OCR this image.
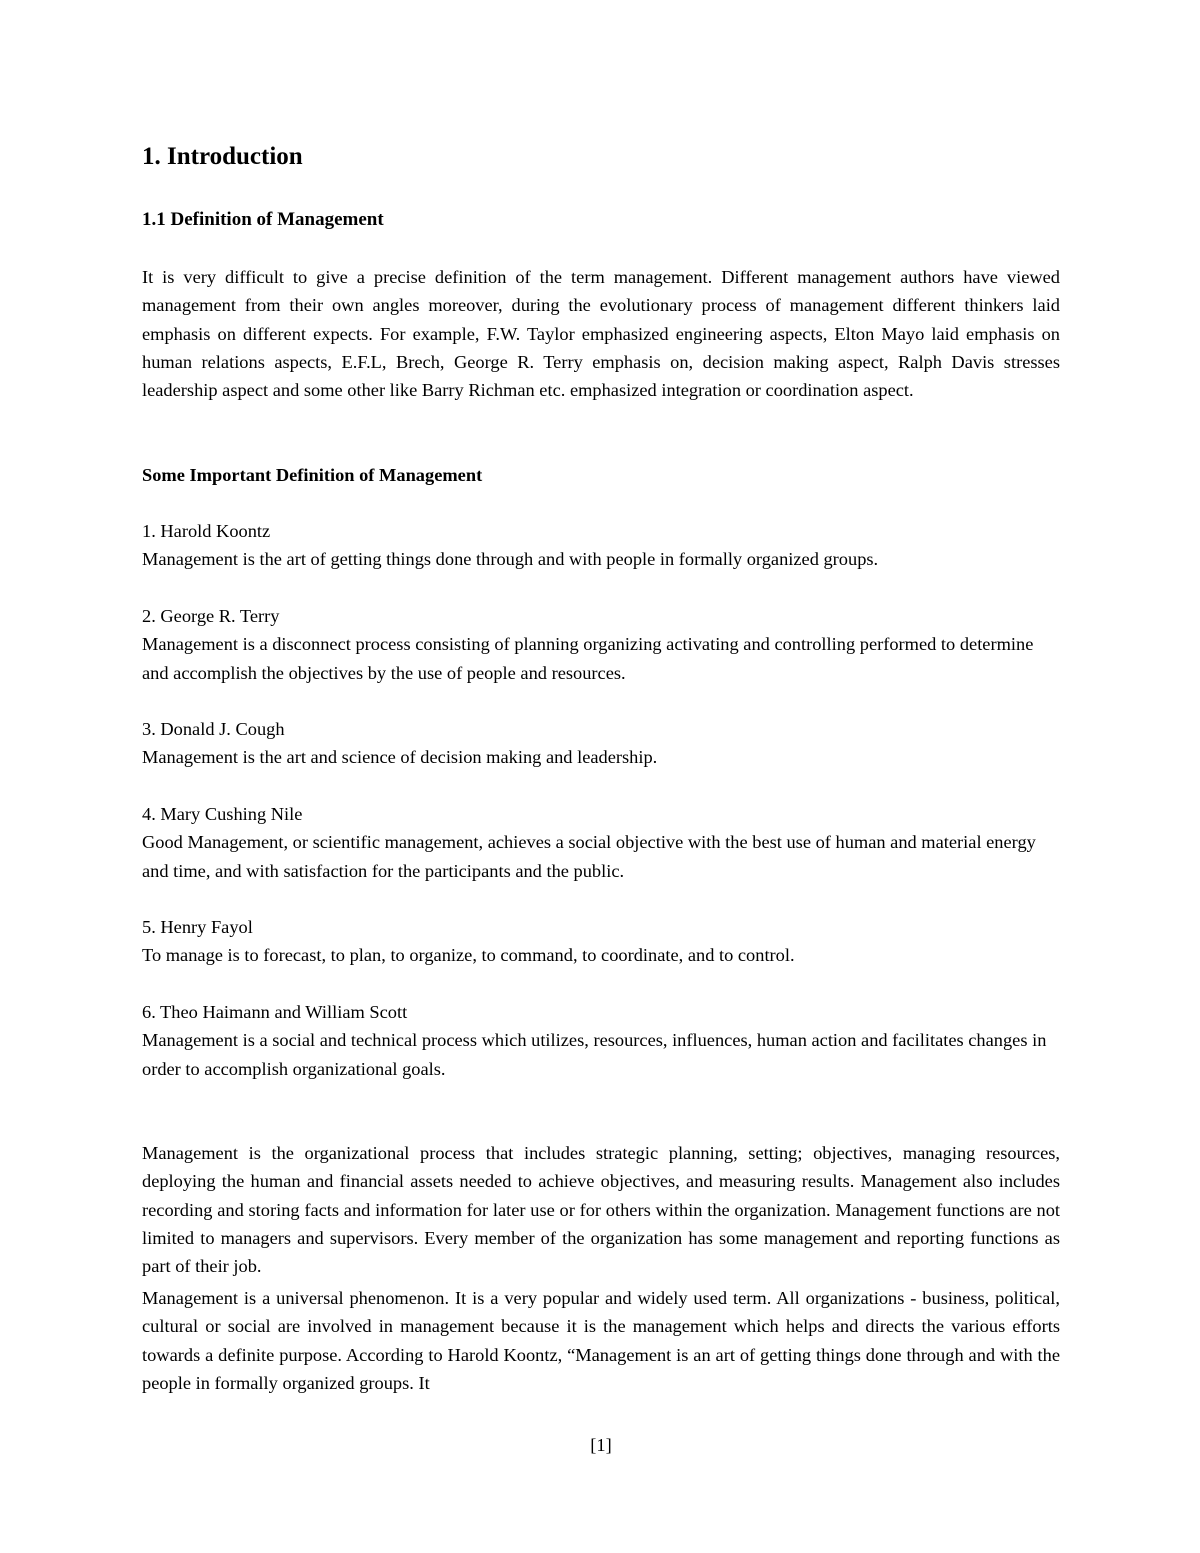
1. Introduction
1.1 Definition of Management

It is very difficult to give a precise definition of the term management. Different management authors have viewed management from their own angles moreover, during the evolutionary process of management different thinkers laid emphasis on different expects. For example, F.W. Taylor emphasized engineering aspects, Elton Mayo laid emphasis on human relations aspects, E.F.L, Brech, George R. Terry emphasis on, decision making aspect, Ralph Davis stresses leadership aspect and some other like Barry Richman etc. emphasized integration or coordination aspect.

Some Important Definition of Management

1. Harold Koontz
Management is the art of getting things done through and with people in formally organized groups.
2. George R. Terry
Management is a disconnect process consisting of planning organizing activating and controlling performed to determine and accomplish the objectives by the use of people and resources.
3. Donald J. Cough
Management is the art and science of decision making and leadership.
4. Mary Cushing Nile
Good Management, or scientific management, achieves a social objective with the best use of human and material energy and time, and with satisfaction for the participants and the public.
5. Henry Fayol
To manage is to forecast, to plan, to organize, to command, to coordinate, and to control.
6. Theo Haimann and William Scott
Management is a social and technical process which utilizes, resources, influences, human action and facilitates changes in order to accomplish organizational goals.

Management is the organizational process that includes strategic planning, setting; objectives, managing resources, deploying the human and financial assets needed to achieve objectives, and measuring results. Management also includes recording and storing facts and information for later use or for others within the organization. Management functions are not limited to managers and supervisors. Every member of the organization has some management and reporting functions as part of their job.

Management is a universal phenomenon. It is a very popular and widely used term. All organizations - business, political, cultural or social are involved in management because it is the management which helps and directs the various efforts towards a definite purpose. According to Harold Koontz, “Management is an art of getting things done through and with the people in formally organized groups. It

[1]
